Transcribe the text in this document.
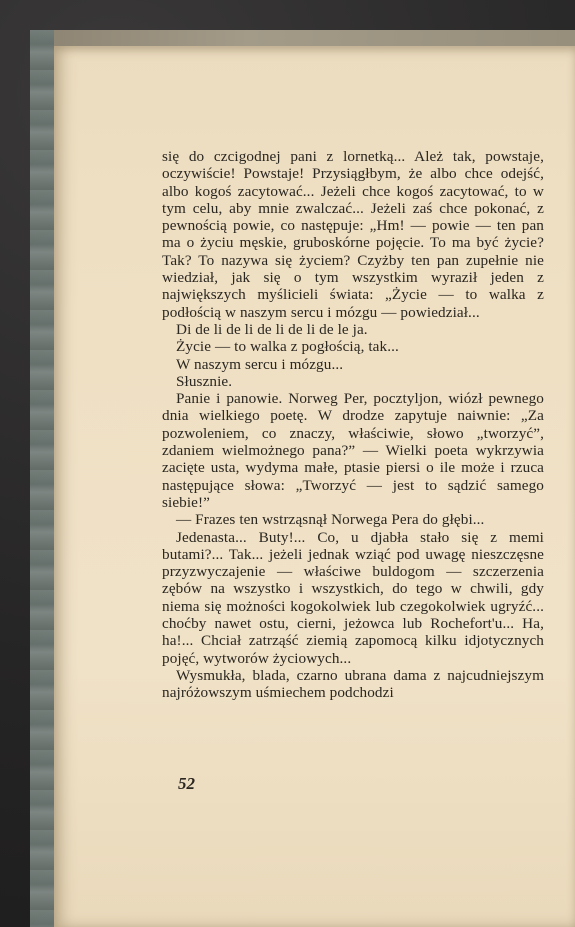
się do czcigodnej pani z lornetką... Ależ tak, powstaje, oczywiście! Powstaje! Przysiągłbym, że albo chce odejść, albo kogoś zacytować... Jeżeli chce kogoś zacytować, to w tym celu, aby mnie zwalczać... Jeżeli zaś chce pokonać, z pewnością powie, co następuje: „Hm! — powie — ten pan ma o życiu męskie, gruboskórne pojęcie. To ma być życie? Tak? To nazywa się życiem? Czyżby ten pan zupełnie nie wiedział, jak się o tym wszystkim wyraził jeden z największych myślicieli świata: „Życie — to walka z podłością w naszym sercu i mózgu — powiedział...

Di de li de li de li de li de le ja.

Życie — to walka z pogłością, tak...

W naszym sercu i mózgu...

Słusznie.

Panie i panowie. Norweg Per, pocztyljon, wiózł pewnego dnia wielkiego poetę. W drodze zapytuje naiwnie: „Za pozwoleniem, co znaczy, właściwie, słowo „tworzyć”, zdaniem wielmożnego pana?” — Wielki poeta wykrzywia zacięte usta, wydyma małe, ptasie piersi o ile może i rzuca następujące słowa: „Tworzyć — jest to sądzić samego siebie!”

— Frazes ten wstrząsnął Norwega Pera do głębi...

Jedenasta... Buty!... Co, u djabła stało się z memi butami?... Tak... jeżeli jednak wziąć pod uwagę nieszczęsne przyzwyczajenie — właściwe buldogom — szczerzenia zębów na wszystko i wszystkich, do tego w chwili, gdy niema się możności kogokolwiek lub czegokolwiek ugryźć... choćby nawet ostu, cierni, jeżowca lub Rochefort'u... Ha, ha!... Chciał zatrząść ziemią zapomocą kilku idjotycznych pojęć, wytworów życiowych...

Wysmukła, blada, czarno ubrana dama z najcudniejszym najróżowszym uśmiechem podchodzi

52
